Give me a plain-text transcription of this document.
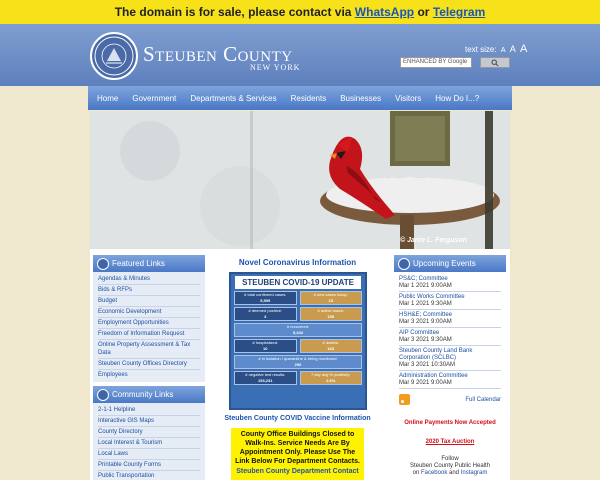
The domain is for sale, please contact via WhatsApp or Telegram
Steuben County
NEW YORK
text size: A A A
ENHANCED BY Google
Home	Government	Departments & Services	Residents	Businesses	Visitors	How Do I...?
© Janie L. Ferguson
Featured Links
Agendas & Minutes
Bids & RFPs
Budget
Economic Development
Employment Opportunities
Freedom of Information Request
Online Property Assessment & Tax Data
Steuben County Offices Directory
Employees
Community Links
2-1-1 Helpline
Interactive GIS Maps
County Directory
Local Interest & Tourism
Local Laws
Printable County Forms
Public Transportation
Novel Coronavirus Information
STEUBEN COVID-19 UPDATE
# total confirmed cases:
5,509
# new cases today:
15
# deemed positive:
3
# active cases:
155
# recovered:
5,243
# hospitalized:
10
# deaths:
163
# in isolation / quarantine & being monitored:
296
# negative test results:
153,231
7 day avg % positivity:
2.6%
Steuben County COVID Vaccine Information
County Office Buildings Closed to Walk-Ins. Service Needs Are By Appointment Only. Please Use The Link Below For Department Contacts.
Steuben County Department Contact
Upcoming Events
PS&C; Committee
Mar 1 2021 9:00AM
Public Works Committee
Mar 1 2021 9:30AM
HSH&E; Committee
Mar 3 2021 9:00AM
AIP Committee
Mar 3 2021 9:30AM
Steuben County Land Bank Corporation (SCLBC)
Mar 3 2021 10:30AM
Administration Committee
Mar 9 2021 9:00AM
Full Calendar
Online Payments Now Accepted
2020 Tax Auction
Follow
Steuben County Public Health
on Facebook and Instagram
